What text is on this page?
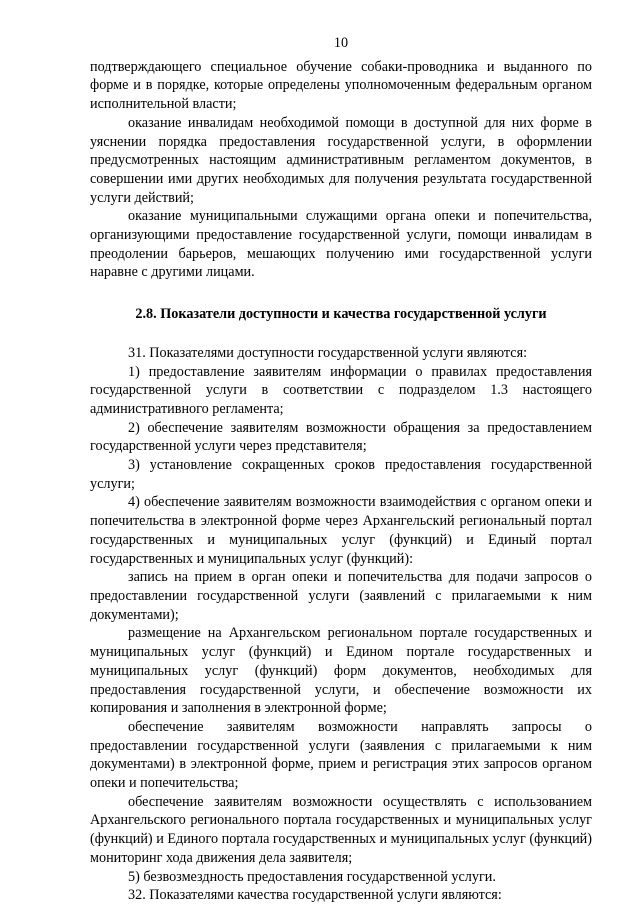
10

подтверждающего специальное обучение собаки-проводника и выданного по форме и в порядке, которые определены уполномоченным федеральным органом исполнительной власти;

оказание инвалидам необходимой помощи в доступной для них форме в уяснении порядка предоставления государственной услуги, в оформлении предусмотренных настоящим административным регламентом документов, в совершении ими других необходимых для получения результата государственной услуги действий;

оказание муниципальными служащими органа опеки и попечительства, организующими предоставление государственной услуги, помощи инвалидам в преодолении барьеров, мешающих получению ими государственной услуги наравне с другими лицами.

2.8. Показатели доступности и качества государственной услуги

31. Показателями доступности государственной услуги являются:

1) предоставление заявителям информации о правилах предоставления государственной услуги в соответствии с подразделом 1.3 настоящего административного регламента;

2) обеспечение заявителям возможности обращения за предоставлением государственной услуги через представителя;

3) установление сокращенных сроков предоставления государственной услуги;

4) обеспечение заявителям возможности взаимодействия с органом опеки и попечительства в электронной форме через Архангельский региональный портал государственных и муниципальных услуг (функций) и Единый портал государственных и муниципальных услуг (функций):

запись на прием в орган опеки и попечительства для подачи запросов о предоставлении государственной услуги (заявлений с прилагаемыми к ним документами);

размещение на Архангельском региональном портале государственных и муниципальных услуг (функций) и Едином портале государственных и муниципальных услуг (функций) форм документов, необходимых для предоставления государственной услуги, и обеспечение возможности их копирования и заполнения в электронной форме;

обеспечение заявителям возможности направлять запросы о предоставлении государственной услуги (заявления с прилагаемыми к ним документами) в электронной форме, прием и регистрация этих запросов органом опеки и попечительства;

обеспечение заявителям возможности осуществлять с использованием Архангельского регионального портала государственных и муниципальных услуг (функций) и Единого портала государственных и муниципальных услуг (функций) мониторинг хода движения дела заявителя;

5) безвозмездность предоставления государственной услуги.

32. Показателями качества государственной услуги являются:
